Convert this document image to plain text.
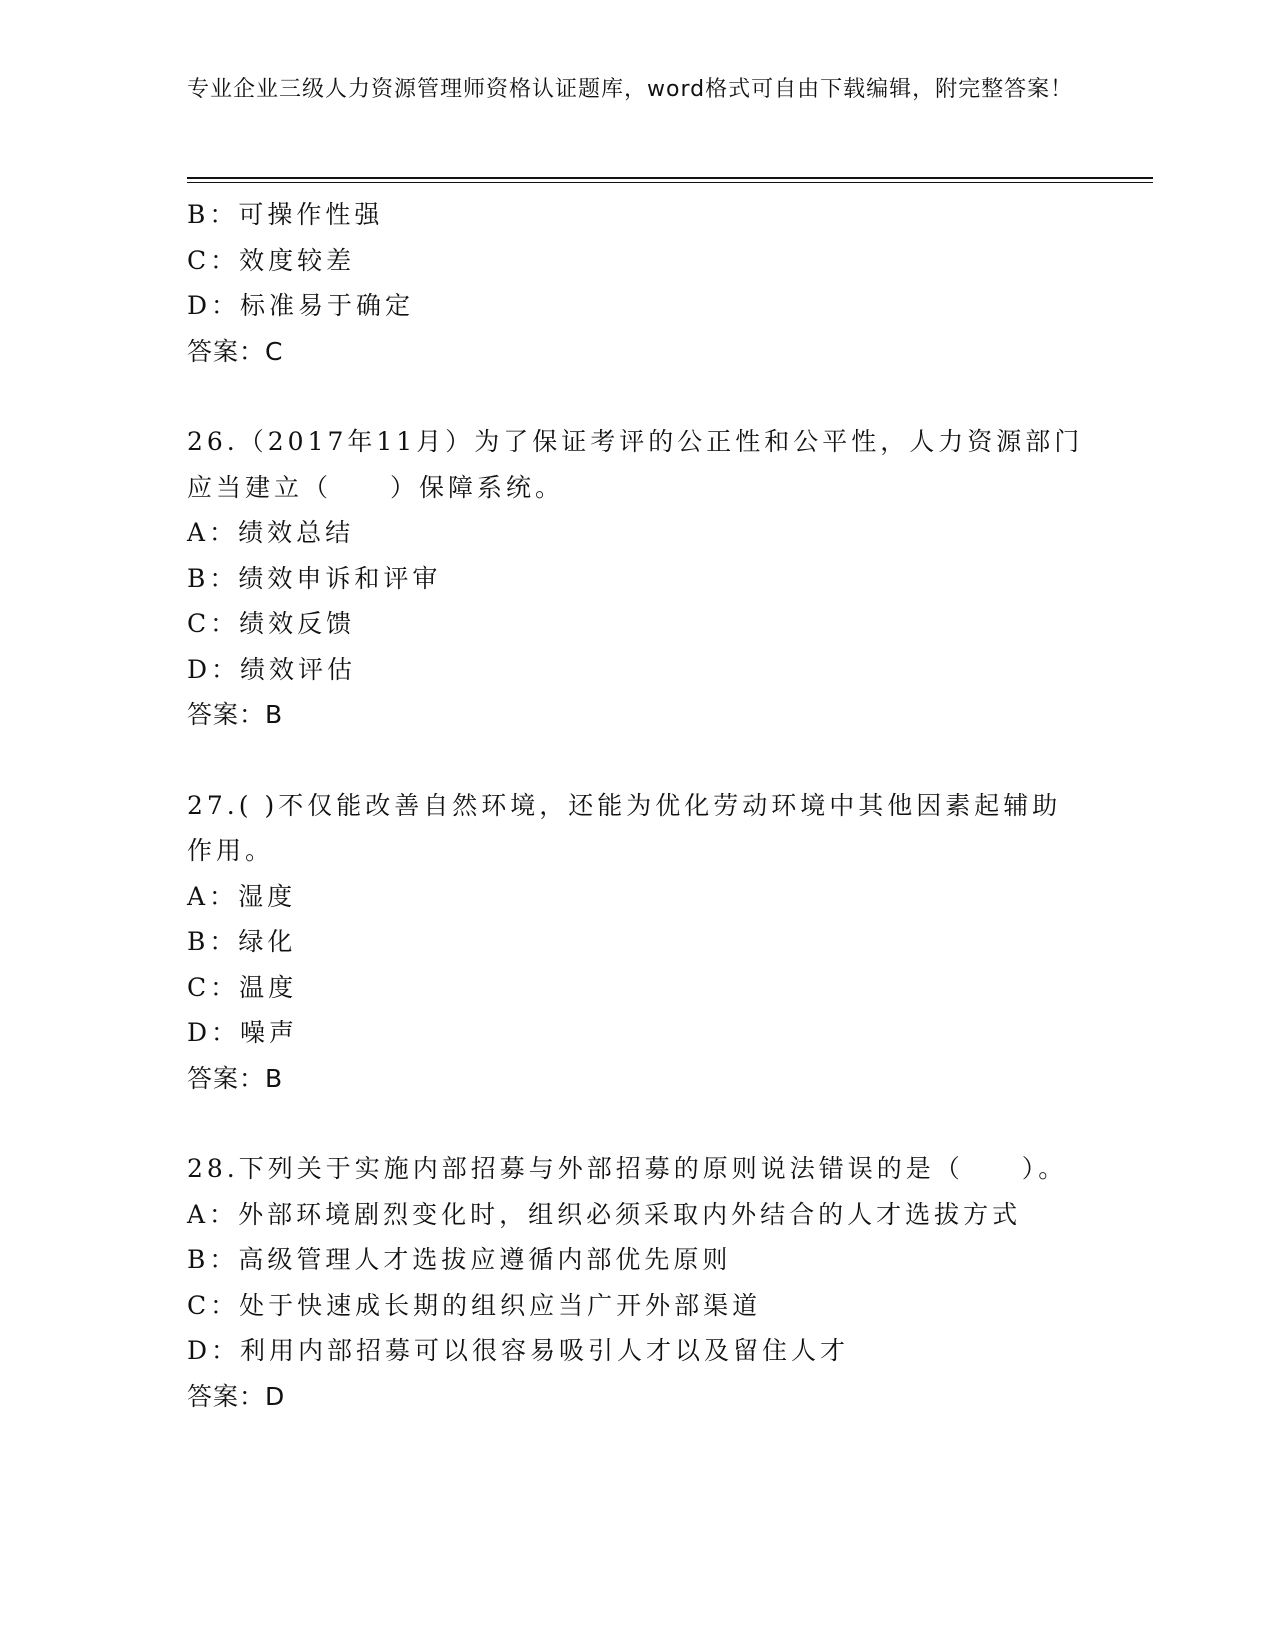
专业企业三级人力资源管理师资格认证题库，word格式可自由下载编辑，附完整答案！
B：可操作性强
C：效度较差
D：标准易于确定
答案：C
26.（2017年11月）为了保证考评的公正性和公平性，人力资源部门
应当建立（　　）保障系统。
A：绩效总结
B：绩效申诉和评审
C：绩效反馈
D：绩效评估
答案：B
27.( )不仅能改善自然环境，还能为优化劳动环境中其他因素起辅助
作用。
A：湿度
B：绿化
C：温度
D：噪声
答案：B
28.下列关于实施内部招募与外部招募的原则说法错误的是（　　）。
A：外部环境剧烈变化时，组织必须采取内外结合的人才选拔方式
B：高级管理人才选拔应遵循内部优先原则
C：处于快速成长期的组织应当广开外部渠道
D：利用内部招募可以很容易吸引人才以及留住人才
答案：D
